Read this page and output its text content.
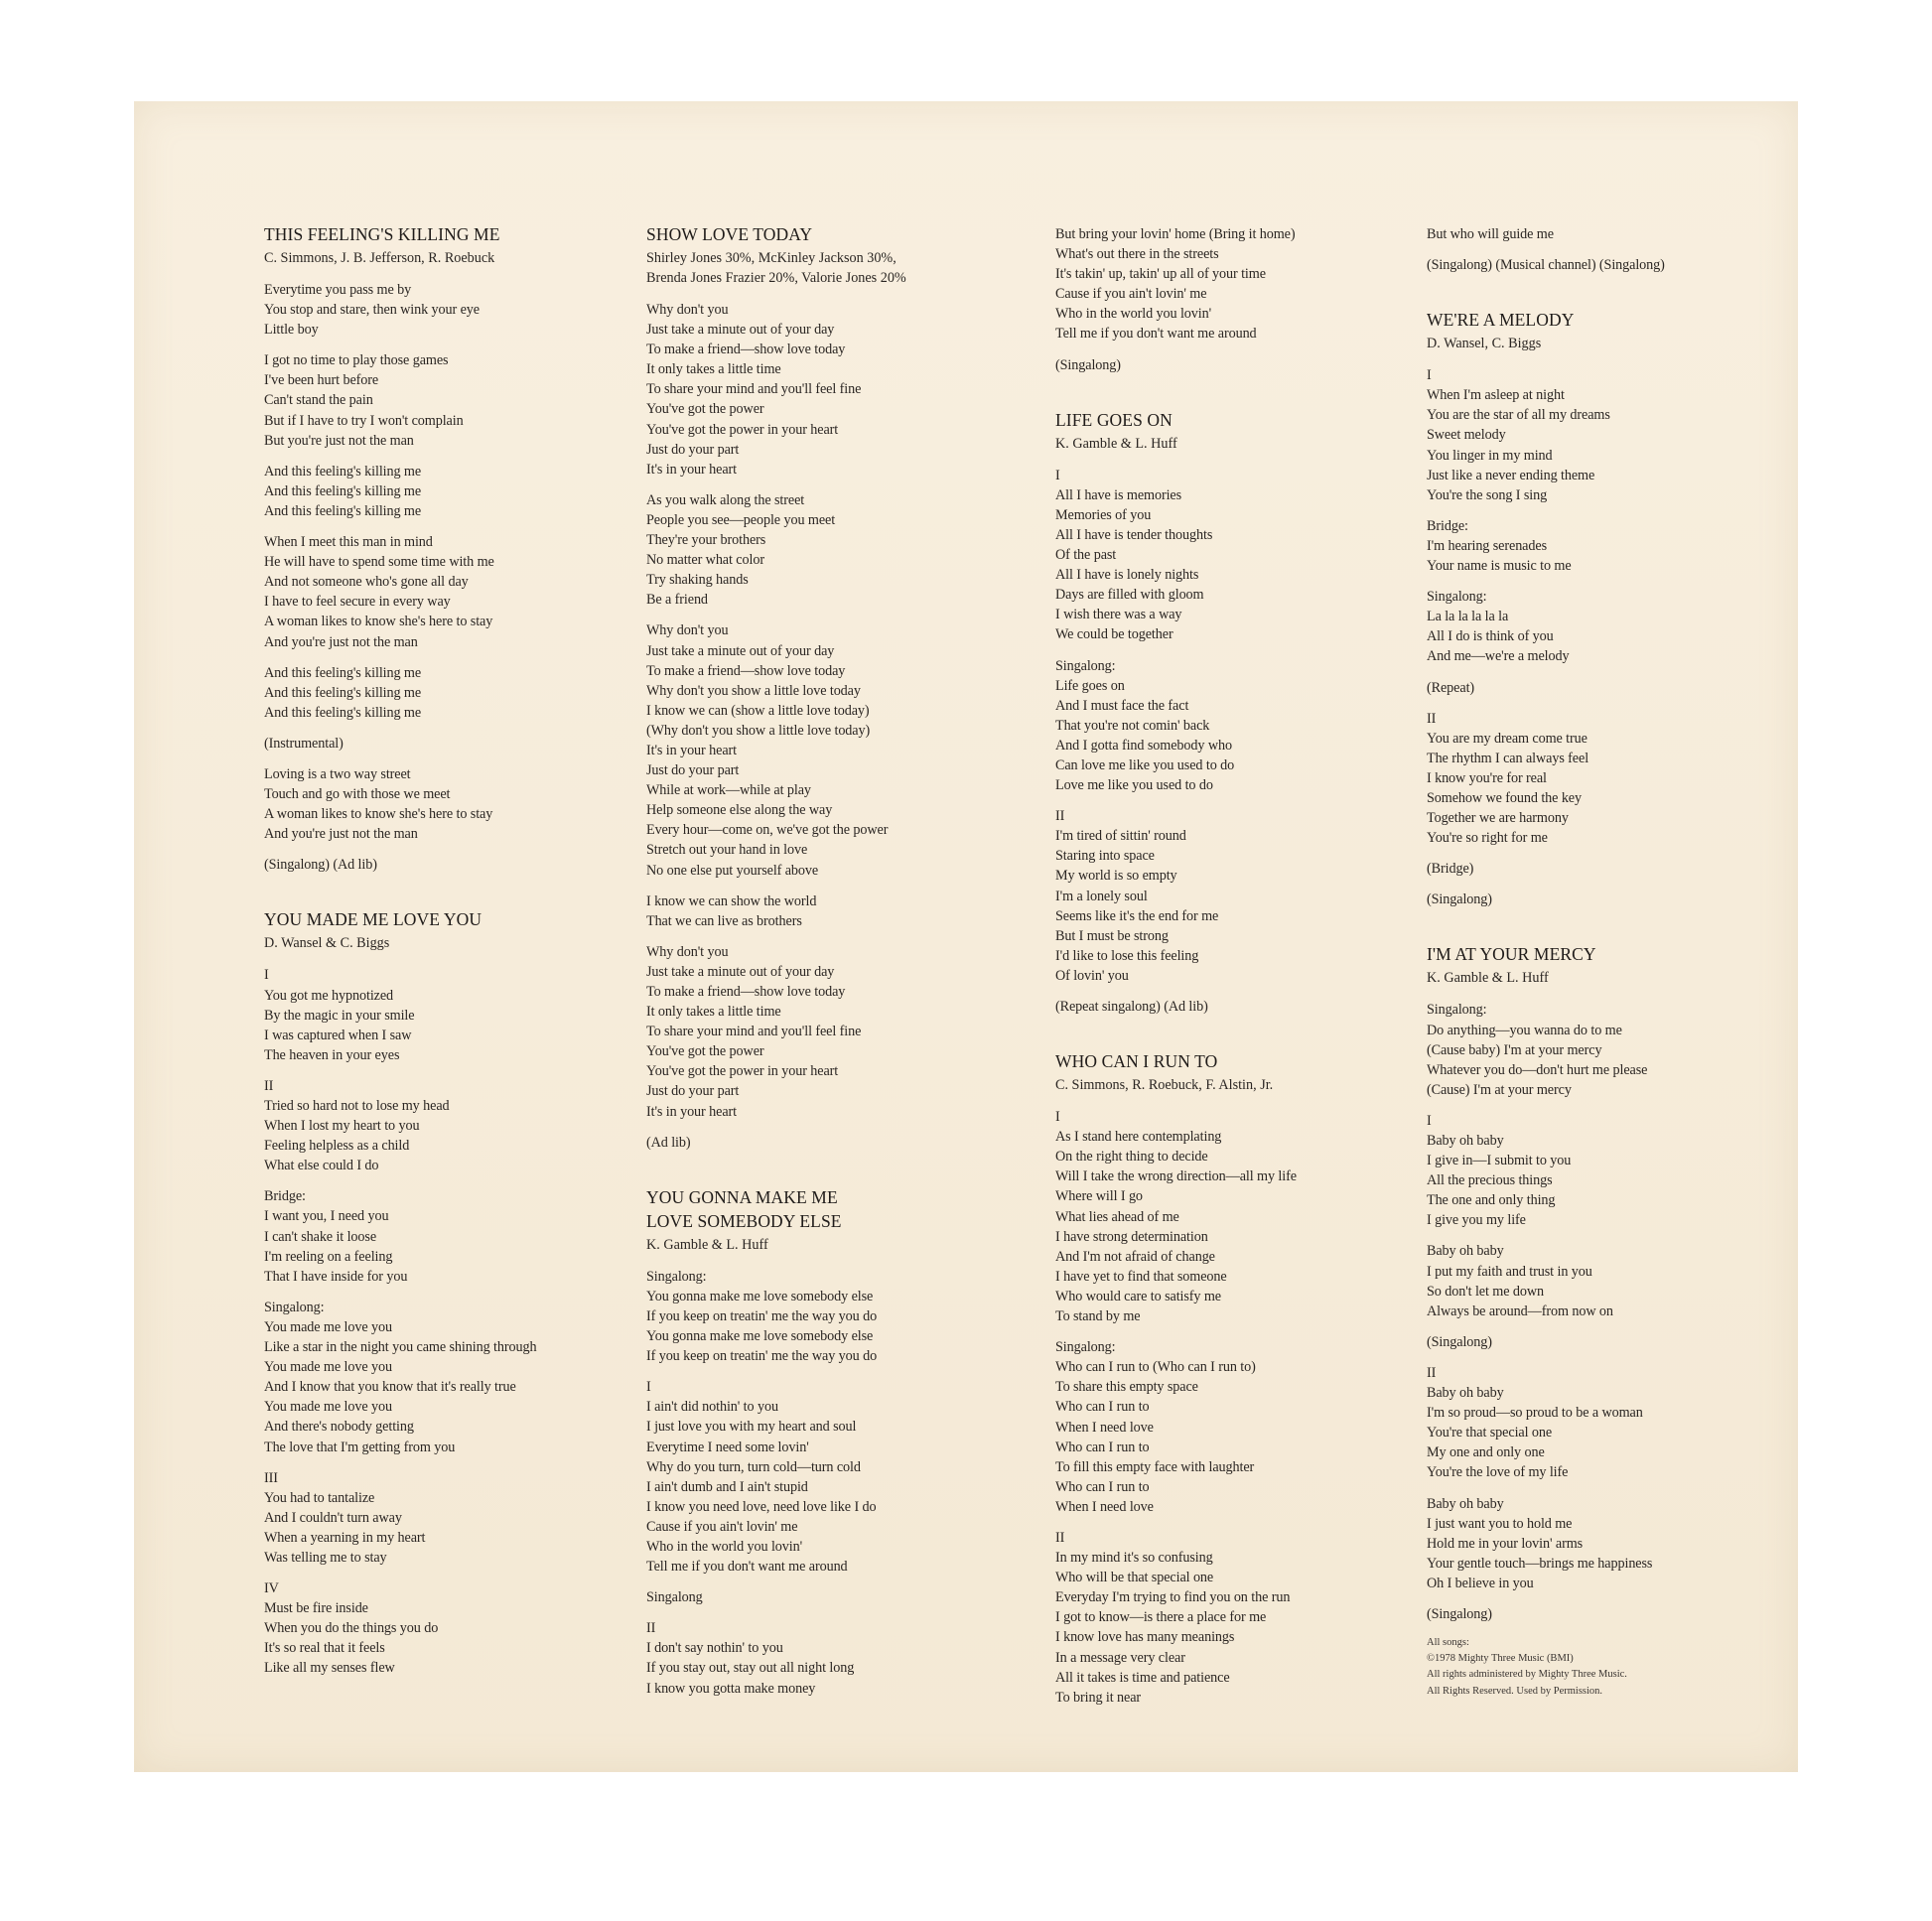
THIS FEELING'S KILLING ME
C. Simmons, J. B. Jefferson, R. Roebuck
Everytime you pass me by
You stop and stare, then wink your eye
Little boy
I got no time to play those games
I've been hurt before
Can't stand the pain
But if I have to try I won't complain
But you're just not the man
And this feeling's killing me
And this feeling's killing me
And this feeling's killing me
When I meet this man in mind
He will have to spend some time with me
And not someone who's gone all day
I have to feel secure in every way
A woman likes to know she's here to stay
And you're just not the man
And this feeling's killing me
And this feeling's killing me
And this feeling's killing me
(Instrumental)
Loving is a two way street
Touch and go with those we meet
A woman likes to know she's here to stay
And you're just not the man
(Singalong) (Ad lib)
YOU MADE ME LOVE YOU
D. Wansel & C. Biggs
I
You got me hypnotized
By the magic in your smile
I was captured when I saw
The heaven in your eyes
II
Tried so hard not to lose my head
When I lost my heart to you
Feeling helpless as a child
What else could I do
Bridge:
I want you, I need you
I can't shake it loose
I'm reeling on a feeling
That I have inside for you
Singalong:
You made me love you
Like a star in the night you came shining through
You made me love you
And I know that you know that it's really true
You made me love you
And there's nobody getting
The love that I'm getting from you
III
You had to tantalize
And I couldn't turn away
When a yearning in my heart
Was telling me to stay
IV
Must be fire inside
When you do the things you do
It's so real that it feels
Like all my senses flew
SHOW LOVE TODAY
Shirley Jones 30%, McKinley Jackson 30%,
Brenda Jones Frazier 20%, Valorie Jones 20%
Why don't you
Just take a minute out of your day
To make a friend—show love today
It only takes a little time
To share your mind and you'll feel fine
You've got the power
You've got the power in your heart
Just do your part
It's in your heart
As you walk along the street
People you see—people you meet
They're your brothers
No matter what color
Try shaking hands
Be a friend
Why don't you
Just take a minute out of your day
To make a friend—show love today
Why don't you show a little love today
I know we can (show a little love today)
(Why don't you show a little love today)
It's in your heart
Just do your part
While at work—while at play
Help someone else along the way
Every hour—come on, we've got the power
Stretch out your hand in love
No one else put yourself above
I know we can show the world
That we can live as brothers
Why don't you
Just take a minute out of your day
To make a friend—show love today
It only takes a little time
To share your mind and you'll feel fine
You've got the power
You've got the power in your heart
Just do your part
It's in your heart
(Ad lib)
YOU GONNA MAKE ME
LOVE SOMEBODY ELSE
K. Gamble & L. Huff
Singalong:
You gonna make me love somebody else
If you keep on treatin' me the way you do
You gonna make me love somebody else
If you keep on treatin' me the way you do
I
I ain't did nothin' to you
I just love you with my heart and soul
Everytime I need some lovin'
Why do you turn, turn cold—turn cold
I ain't dumb and I ain't stupid
I know you need love, need love like I do
Cause if you ain't lovin' me
Who in the world you lovin'
Tell me if you don't want me around
Singalong
II
I don't say nothin' to you
If you stay out, stay out all night long
I know you gotta make money
But bring your lovin' home (Bring it home)
What's out there in the streets
It's takin' up, takin' up all of your time
Cause if you ain't lovin' me
Who in the world you lovin'
Tell me if you don't want me around
(Singalong)
LIFE GOES ON
K. Gamble & L. Huff
I
All I have is memories
Memories of you
All I have is tender thoughts
Of the past
All I have is lonely nights
Days are filled with gloom
I wish there was a way
We could be together
Singalong:
Life goes on
And I must face the fact
That you're not comin' back
And I gotta find somebody who
Can love me like you used to do
Love me like you used to do
II
I'm tired of sittin' round
Staring into space
My world is so empty
I'm a lonely soul
Seems like it's the end for me
But I must be strong
I'd like to lose this feeling
Of lovin' you
(Repeat singalong) (Ad lib)
WHO CAN I RUN TO
C. Simmons, R. Roebuck, F. Alstin, Jr.
I
As I stand here contemplating
On the right thing to decide
Will I take the wrong direction—all my life
Where will I go
What lies ahead of me
I have strong determination
And I'm not afraid of change
I have yet to find that someone
Who would care to satisfy me
To stand by me
Singalong:
Who can I run to (Who can I run to)
To share this empty space
Who can I run to
When I need love
Who can I run to
To fill this empty face with laughter
Who can I run to
When I need love
II
In my mind it's so confusing
Who will be that special one
Everyday I'm trying to find you on the run
I got to know—is there a place for me
I know love has many meanings
In a message very clear
All it takes is time and patience
To bring it near
But who will guide me
(Singalong) (Musical channel) (Singalong)
WE'RE A MELODY
D. Wansel, C. Biggs
I
When I'm asleep at night
You are the star of all my dreams
Sweet melody
You linger in my mind
Just like a never ending theme
You're the song I sing
Bridge:
I'm hearing serenades
Your name is music to me
Singalong:
La la la la la la
All I do is think of you
And me—we're a melody
(Repeat)
II
You are my dream come true
The rhythm I can always feel
I know you're for real
Somehow we found the key
Together we are harmony
You're so right for me
(Bridge)
(Singalong)
I'M AT YOUR MERCY
K. Gamble & L. Huff
Singalong:
Do anything—you wanna do to me
(Cause baby) I'm at your mercy
Whatever you do—don't hurt me please
(Cause) I'm at your mercy
I
Baby oh baby
I give in—I submit to you
All the precious things
The one and only thing
I give you my life
Baby oh baby
I put my faith and trust in you
So don't let me down
Always be around—from now on
(Singalong)
II
Baby oh baby
I'm so proud—so proud to be a woman
You're that special one
My one and only one
You're the love of my life
Baby oh baby
I just want you to hold me
Hold me in your lovin' arms
Your gentle touch—brings me happiness
Oh I believe in you
(Singalong)
All songs:
©1978 Mighty Three Music (BMI)
All rights administered by Mighty Three Music.
All Rights Reserved. Used by Permission.
